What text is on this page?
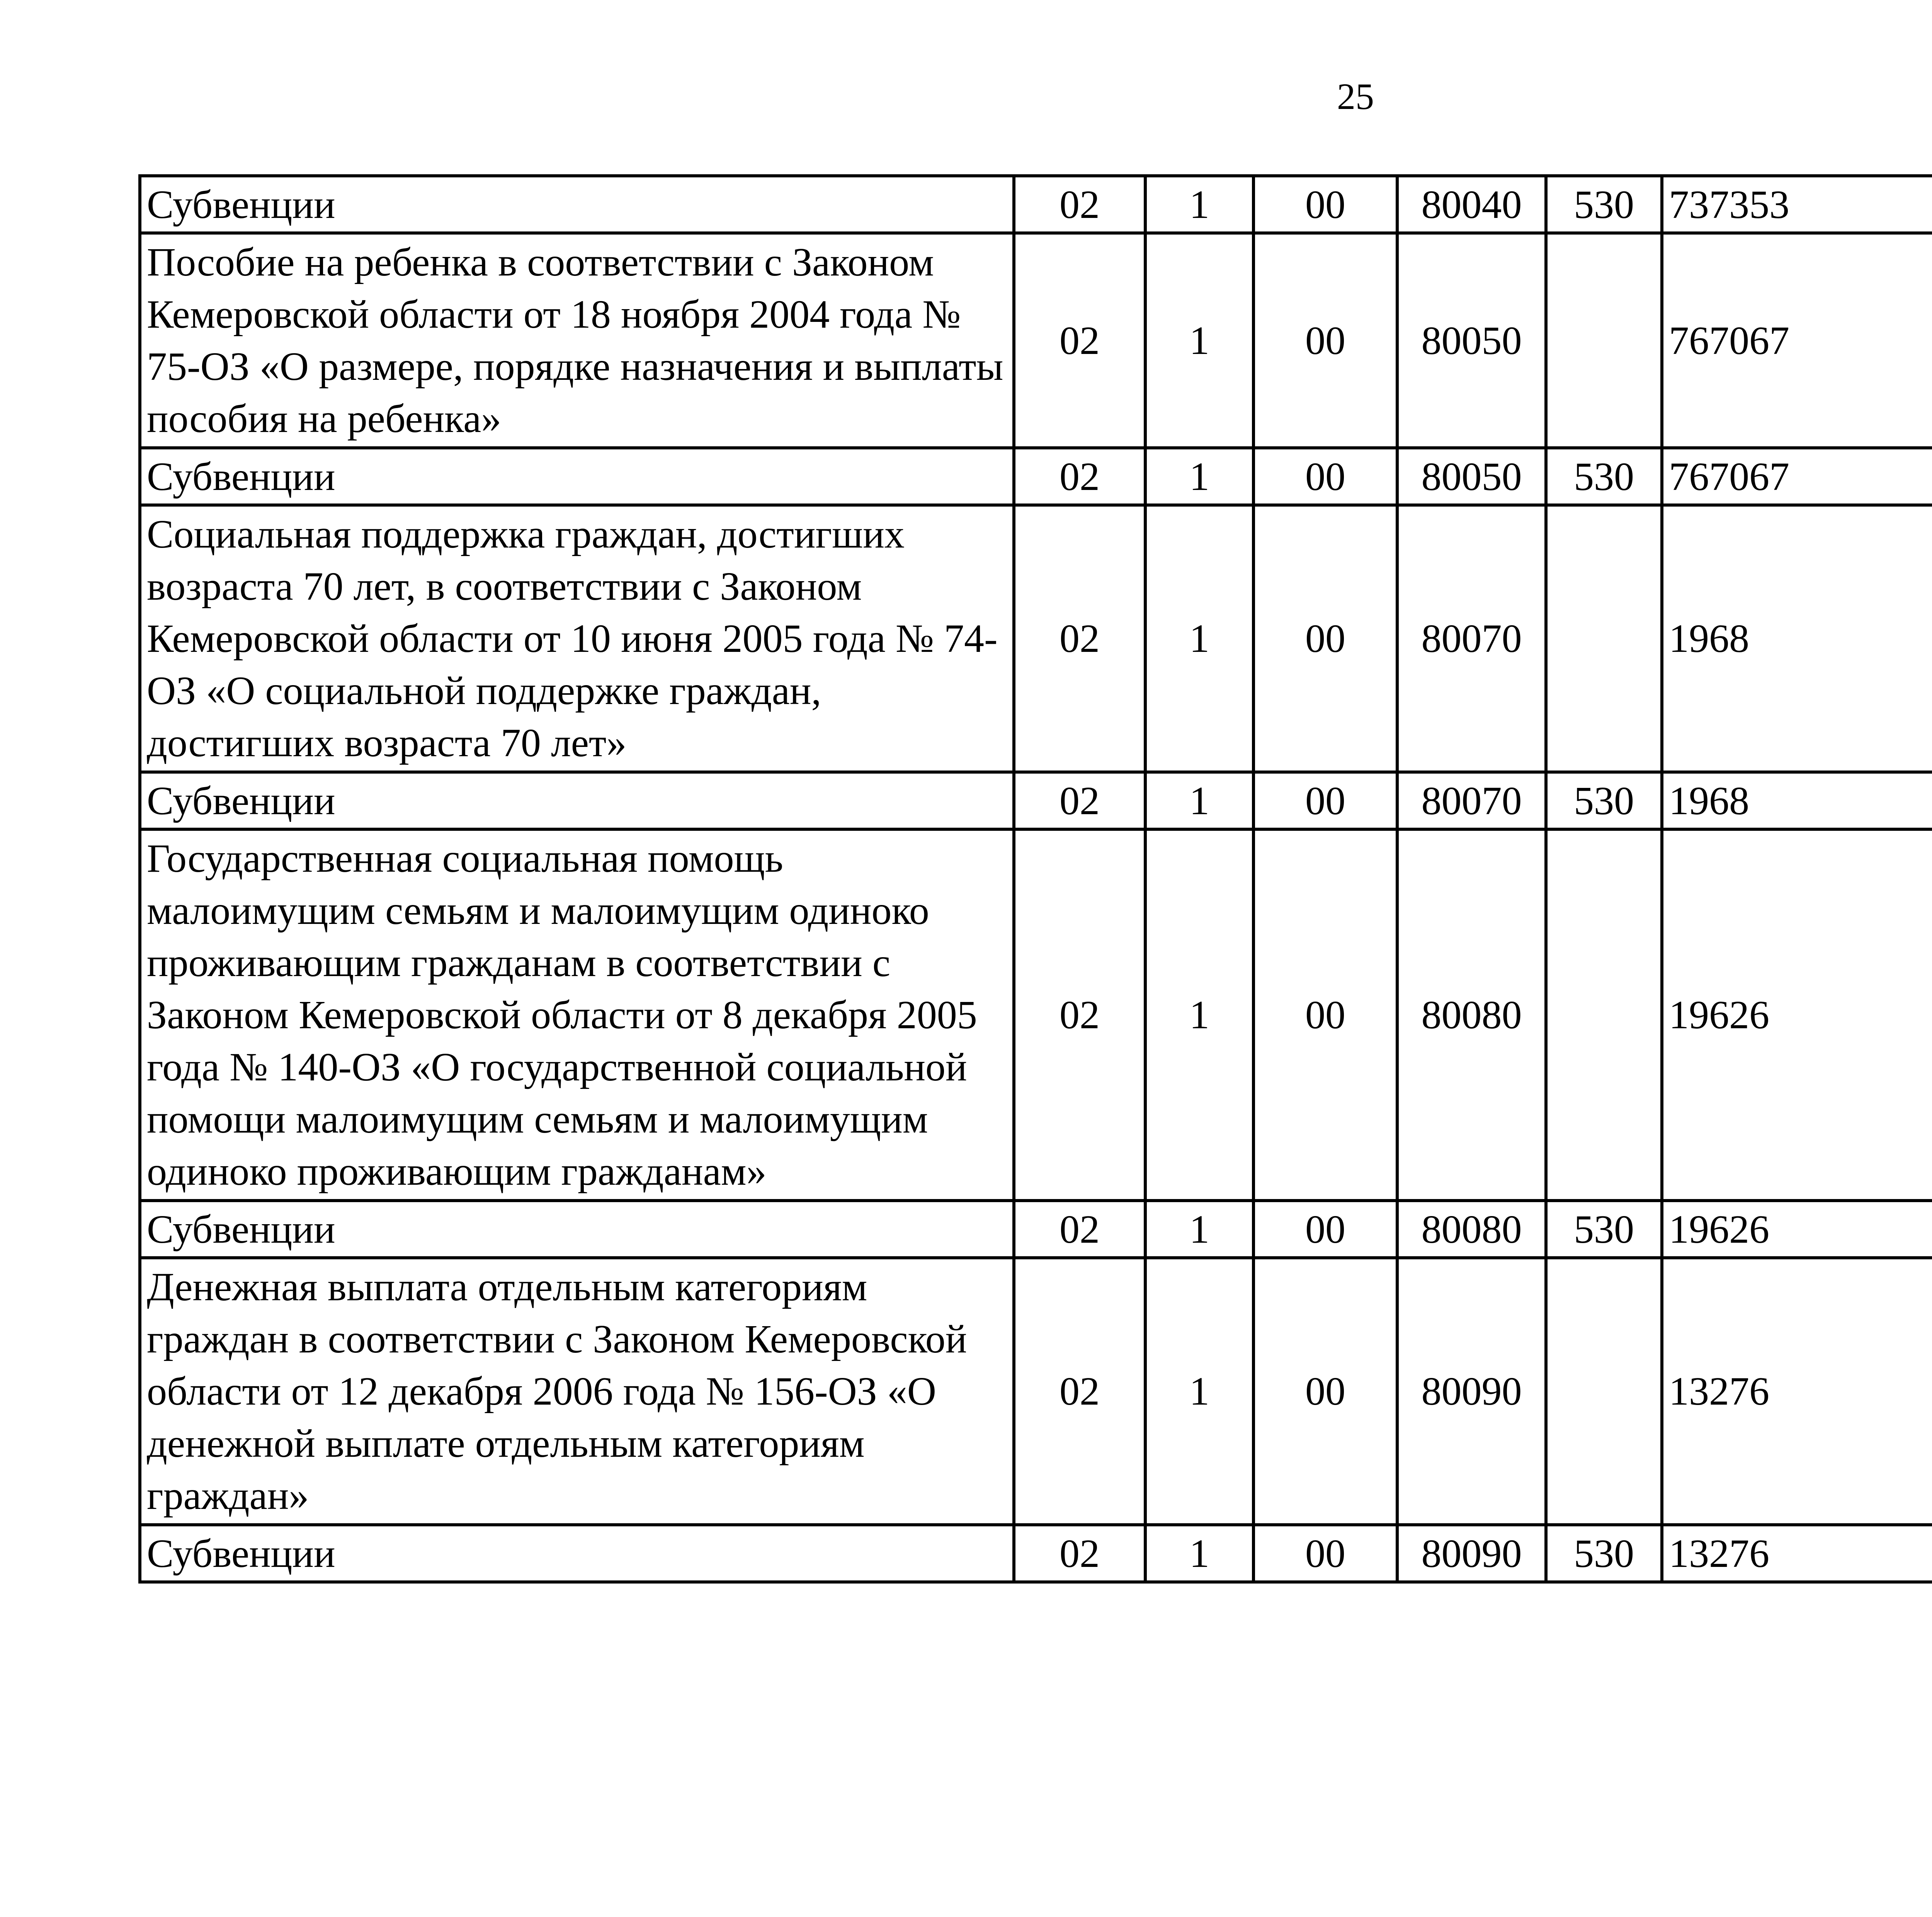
25
Субвенции	02	1	00	80040	530	737353		
Пособие на ребенка в соответствии с Законом Кемеровской области от 18 ноября 2004 года № 75-ОЗ «О размере, порядке назначения и выплаты пособия на ребенка»	02	1	00	80050		767067		
Субвенции	02	1	00	80050	530	767067		
Социальная поддержка граждан, достигших возраста 70 лет, в соответствии с Законом Кемеровской области от 10 июня 2005 года № 74-ОЗ «О социальной поддержке граждан, достигших возраста 70 лет»	02	1	00	80070		1968		
Субвенции	02	1	00	80070	530	1968		
Государственная социальная помощь малоимущим семьям и малоимущим одиноко проживающим гражданам в соответствии с Законом Кемеровской области от 8 декабря 2005 года № 140-ОЗ «О государственной социальной помощи малоимущим семьям и малоимущим одиноко проживающим гражданам»	02	1	00	80080		19626		
Субвенции	02	1	00	80080	530	19626		
Денежная выплата отдельным категориям граждан в соответствии с Законом Кемеровской области от 12 декабря 2006 года № 156-ОЗ «О денежной выплате отдельным категориям граждан»	02	1	00	80090		13276		
Субвенции	02	1	00	80090	530	13276		
